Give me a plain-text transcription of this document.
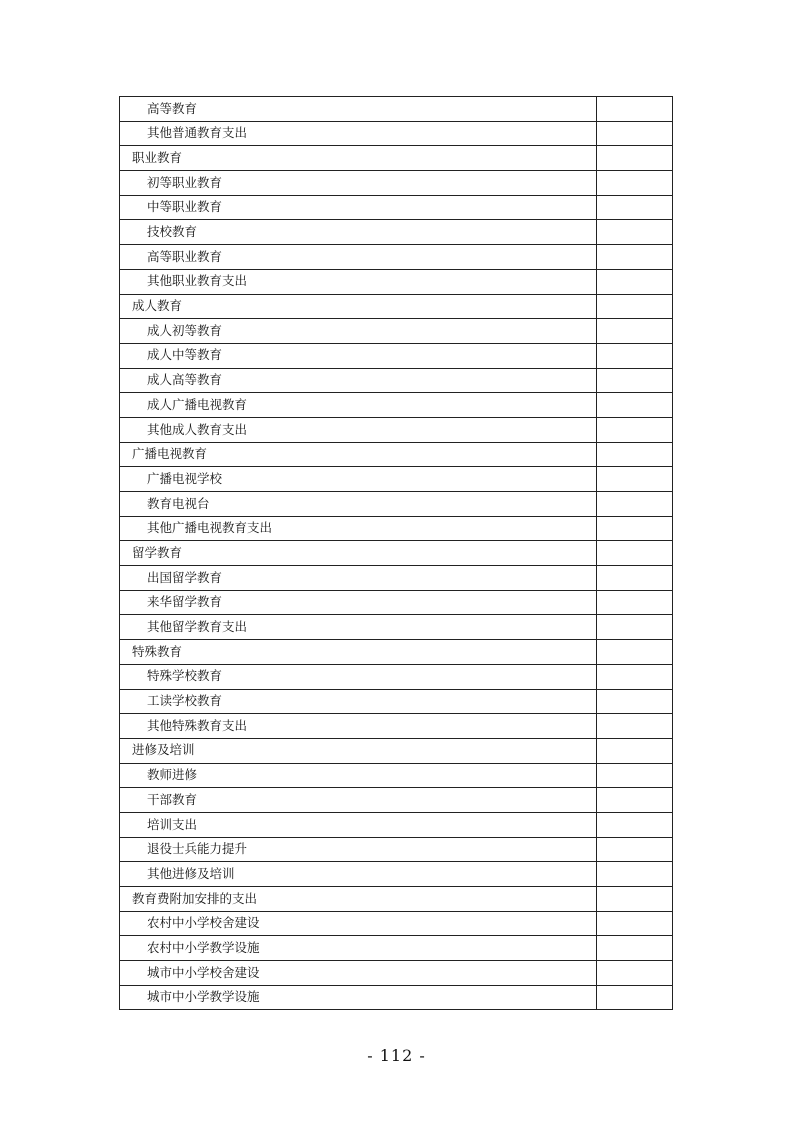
高等教育	
其他普通教育支出	
职业教育	
初等职业教育	
中等职业教育	
技校教育	
高等职业教育	
其他职业教育支出	
成人教育	
成人初等教育	
成人中等教育	
成人高等教育	
成人广播电视教育	
其他成人教育支出	
广播电视教育	
广播电视学校	
教育电视台	
其他广播电视教育支出	
留学教育	
出国留学教育	
来华留学教育	
其他留学教育支出	
特殊教育	
特殊学校教育	
工读学校教育	
其他特殊教育支出	
进修及培训	
教师进修	
干部教育	
培训支出	
退役士兵能力提升	
其他进修及培训	
教育费附加安排的支出	
农村中小学校舍建设	
农村中小学教学设施	
城市中小学校舍建设	
城市中小学教学设施	
- 112 -
